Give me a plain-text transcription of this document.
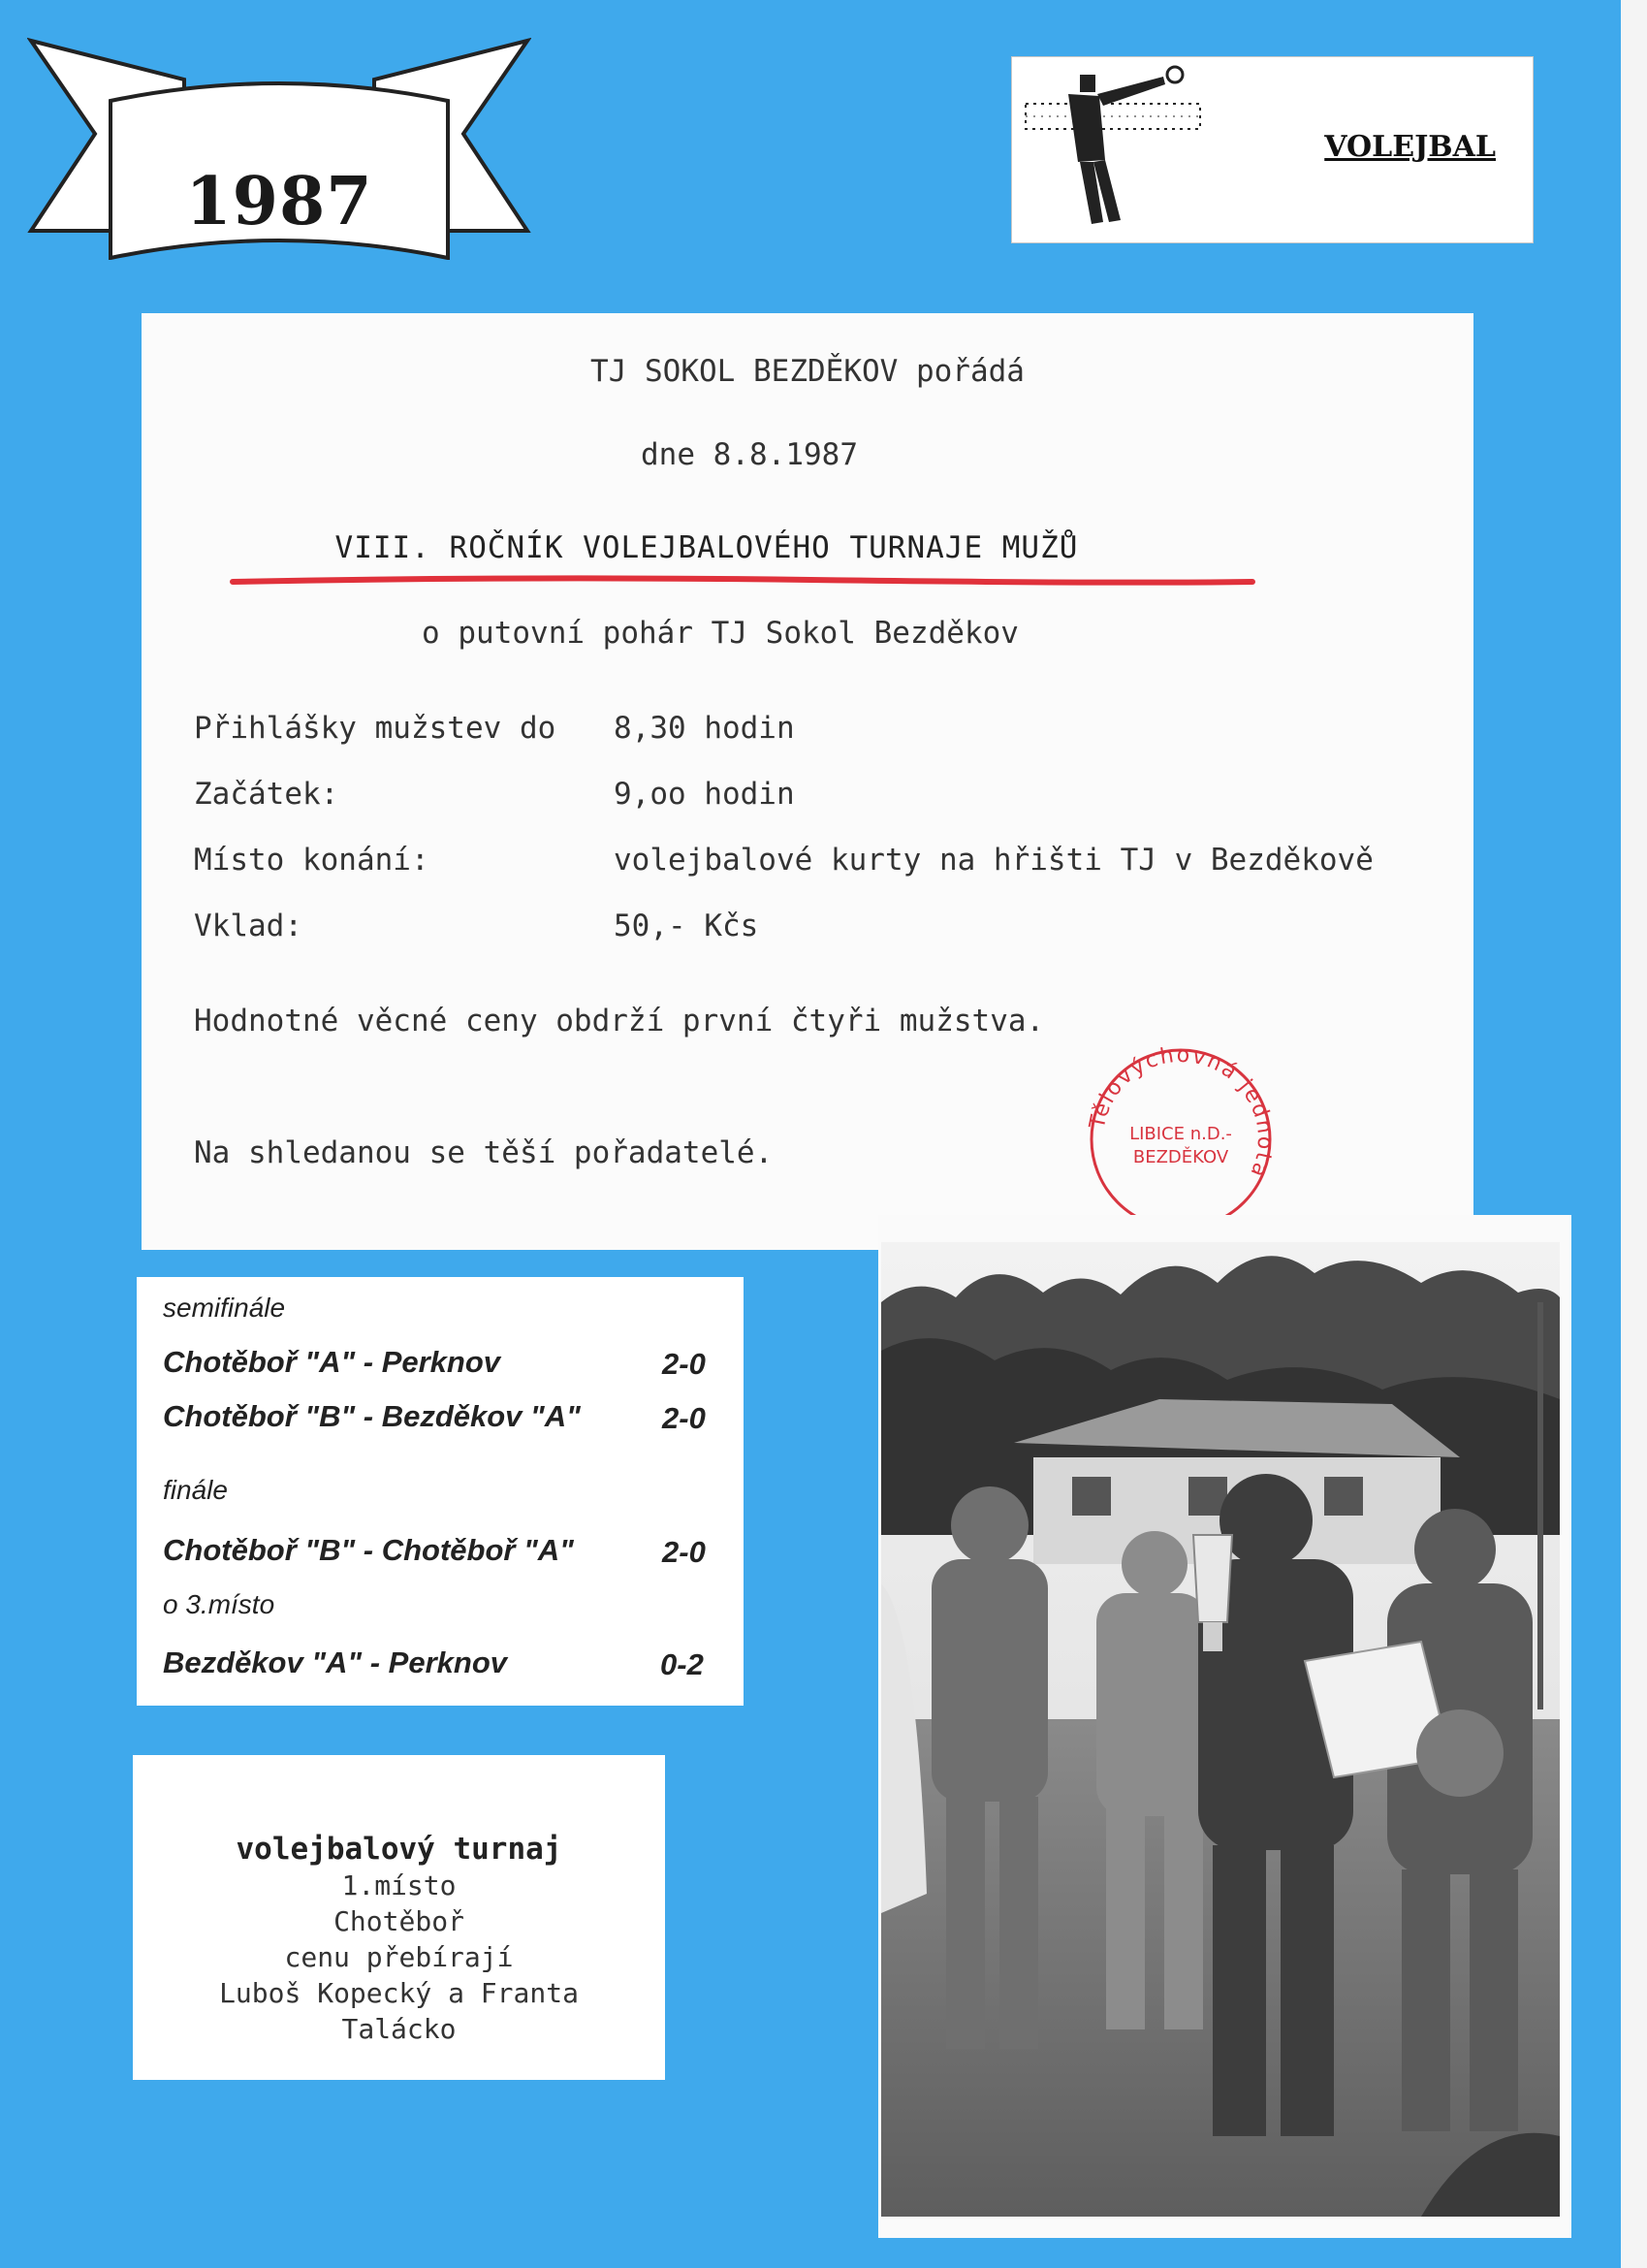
1987
VOLEJBAL
TJ SOKOL BEZDĚKOV pořádá
dne 8.8.1987
VIII. ROČNÍK VOLEJBALOVÉHO TURNAJE MUŽŮ
o putovní pohár TJ Sokol Bezděkov
Přihlášky mužstev do 8,30 hodin
Začátek:	9,oo hodin
Místo konání:	volejbalové kurty na hřišti TJ v Bezděkově
Vklad:	50,- Kčs
Hodnotné věcné ceny obdrží první čtyři mužstva.
Na shledanou se těší pořadatelé.
Tělovýchovná jednota
LIBICE n.D.-
BEZDĚKOV
semifinále
Chotěboř "A" - Perknov	2-0
Chotěboř "B" - Bezděkov "A"	2-0
finále
Chotěboř "B" - Chotěboř "A"	2-0
o 3.místo
Bezděkov "A" - Perknov	0-2
volejbalový turnaj
1.místo
Chotěboř
cenu přebírají
Luboš Kopecký a Franta
Talácko
